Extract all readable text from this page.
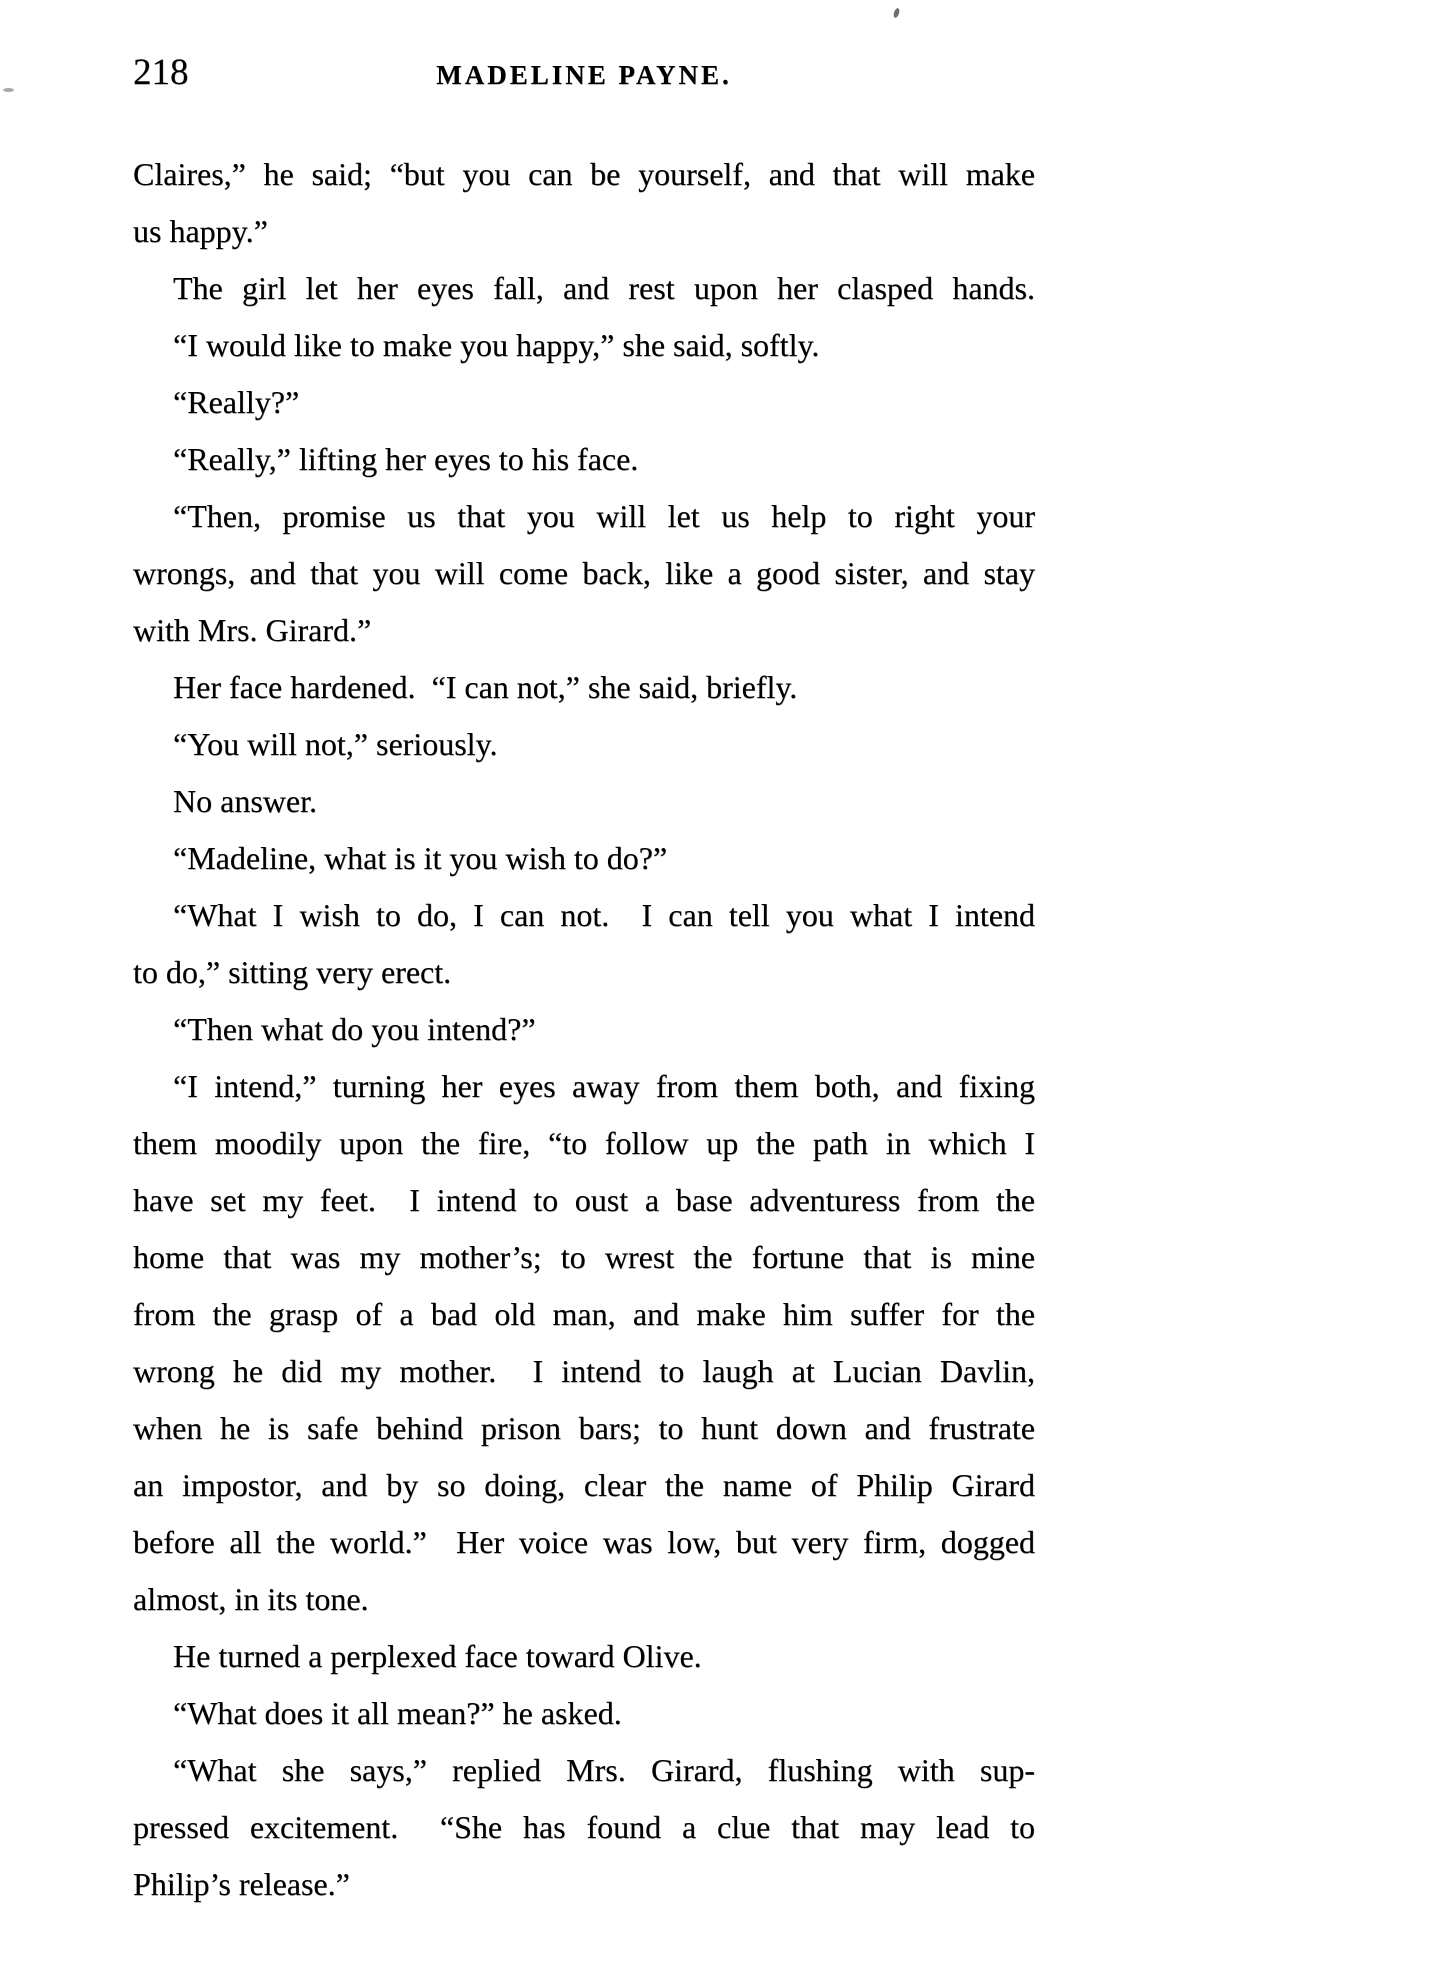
218	MADELINE PAYNE.
Claires,” he said; “but you can be yourself, and that will make
us happy.”
The girl let her eyes fall, and rest upon her clasped hands.
“I would like to make you happy,” she said, softly.
“Really?”
“Really,” lifting her eyes to his face.
“Then, promise us that you will let us help to right your
wrongs, and that you will come back, like a good sister, and stay
with Mrs. Girard.”
Her face hardened.  “I can not,” she said, briefly.
“You will not,” seriously.
No answer.
“Madeline, what is it you wish to do?”
“What I wish to do, I can not.  I can tell you what I intend
to do,” sitting very erect.
“Then what do you intend?”
“I intend,” turning her eyes away from them both, and fixing
them moodily upon the fire, “to follow up the path in which I
have set my feet.  I intend to oust a base adventuress from the
home that was my mother’s; to wrest the fortune that is mine
from the grasp of a bad old man, and make him suffer for the
wrong he did my mother.  I intend to laugh at Lucian Davlin,
when he is safe behind prison bars; to hunt down and frustrate
an impostor, and by so doing, clear the name of Philip Girard
before all the world.”  Her voice was low, but very firm, dogged
almost, in its tone.
He turned a perplexed face toward Olive.
“What does it all mean?” he asked.
“What she says,” replied Mrs. Girard, flushing with sup-
pressed excitement.  “She has found a clue that may lead to
Philip’s release.”
